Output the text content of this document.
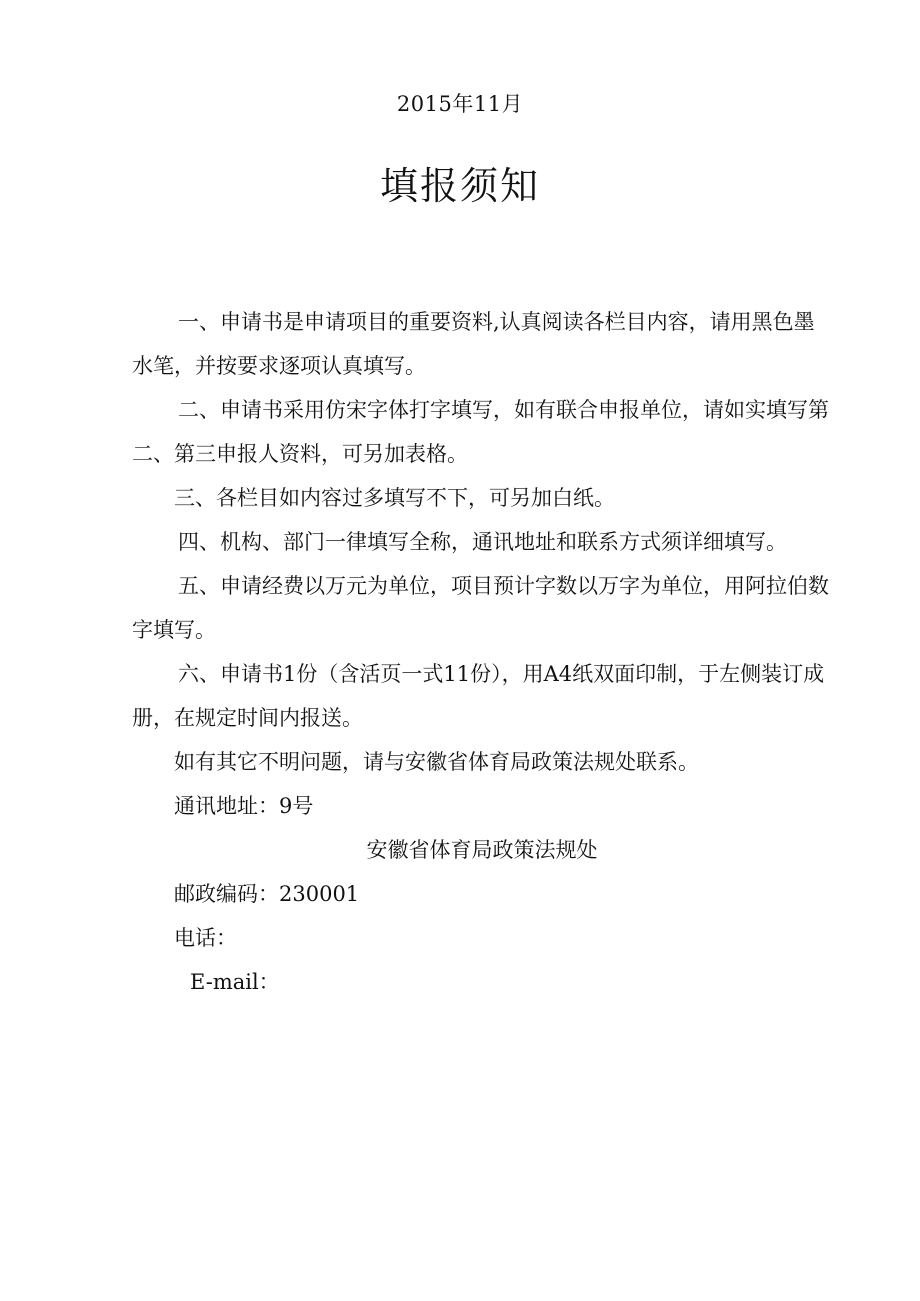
2015年11月
填报须知

一、申请书是申请项目的重要资料,认真阅读各栏目内容，请用黑色墨水笔，并按要求逐项认真填写。

二、申请书采用仿宋字体打字填写，如有联合申报单位，请如实填写第二、第三申报人资料，可另加表格。

三、各栏目如内容过多填写不下，可另加白纸。

四、机构、部门一律填写全称，通讯地址和联系方式须详细填写。

五、申请经费以万元为单位，项目预计字数以万字为单位，用阿拉伯数字填写。

六、申请书1份（含活页一式11份），用A4纸双面印制，于左侧装订成册，在规定时间内报送。

如有其它不明问题，请与安徽省体育局政策法规处联系。

通讯地址：9号

安徽省体育局政策法规处

邮政编码：230001

电话：

E-mail：
